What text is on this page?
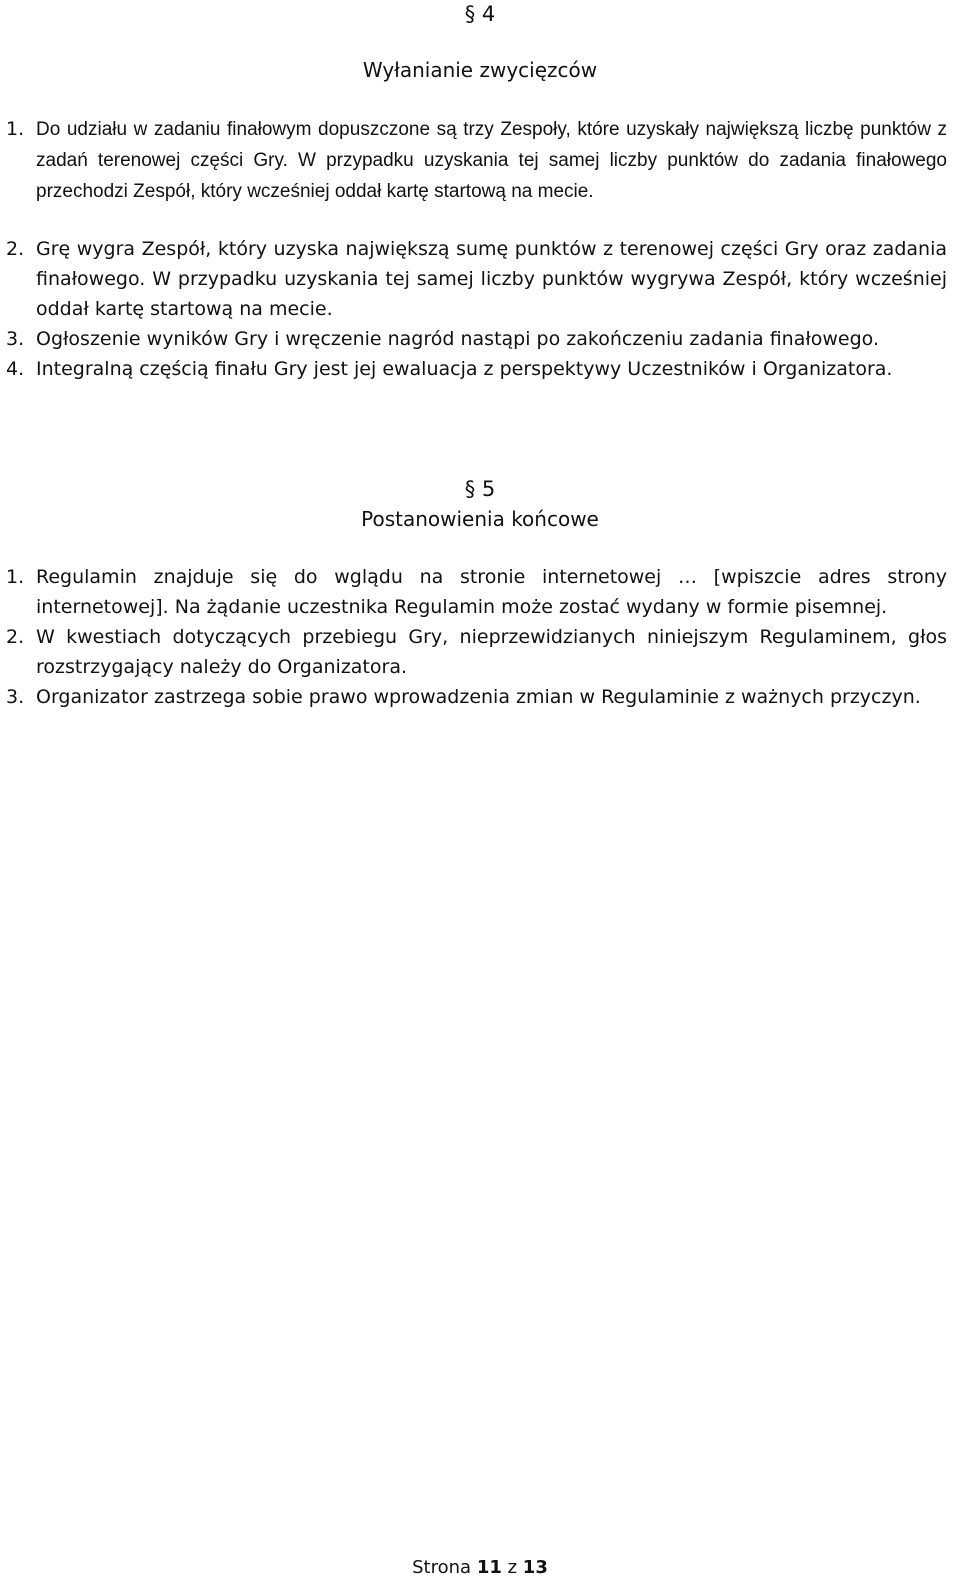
§ 4
Wyłanianie zwycięzców
1. Do udziału w zadaniu finałowym dopuszczone są trzy Zespoły, które uzyskały największą liczbę punktów z zadań terenowej części Gry. W przypadku uzyskania tej samej liczby punktów do zadania finałowego przechodzi Zespół, który wcześniej oddał kartę startową na mecie.
2. Grę wygra Zespół, który uzyska największą sumę punktów z terenowej części Gry oraz zadania finałowego. W przypadku uzyskania tej samej liczby punktów wygrywa Zespół, który wcześniej oddał kartę startową na mecie.
3. Ogłoszenie wyników Gry i wręczenie nagród nastąpi po zakończeniu zadania finałowego.
4. Integralną częścią finału Gry jest jej ewaluacja z perspektywy Uczestników i Organizatora.
§ 5
Postanowienia końcowe
1. Regulamin znajduje się do wglądu na stronie internetowej … [wpiszcie adres strony internetowej]. Na żądanie uczestnika Regulamin może zostać wydany w formie pisemnej.
2. W kwestiach dotyczących przebiegu Gry, nieprzewidzianych niniejszym Regulaminem, głos rozstrzygający należy do Organizatora.
3. Organizator zastrzega sobie prawo wprowadzenia zmian w Regulaminie z ważnych przyczyn.
Strona 11 z 13
